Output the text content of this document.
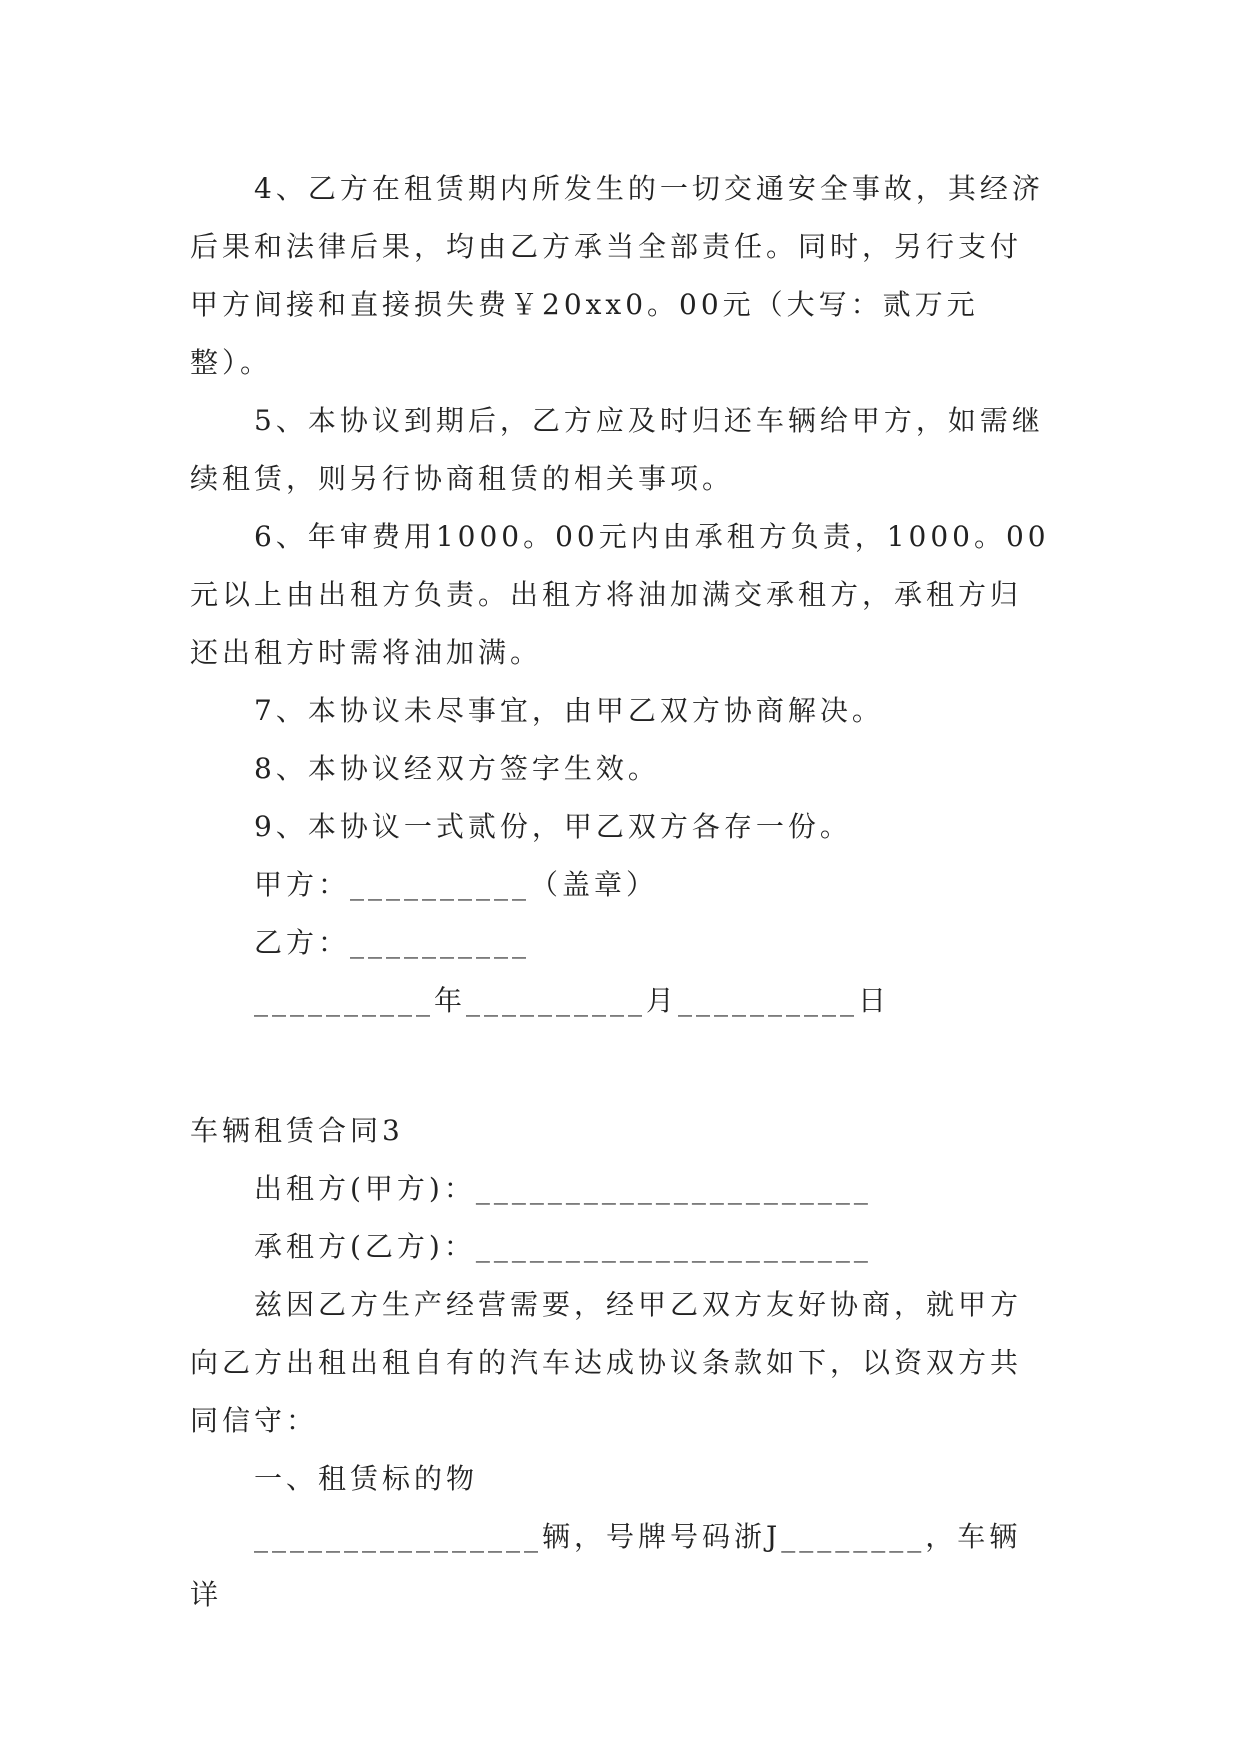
4、乙方在租赁期内所发生的一切交通安全事故，其经济后果和法律后果，均由乙方承当全部责任。同时，另行支付甲方间接和直接损失费￥20xx0。00元（大写：贰万元整）。

5、本协议到期后，乙方应及时归还车辆给甲方，如需继续租赁，则另行协商租赁的相关事项。

6、年审费用1000。00元内由承租方负责，1000。00元以上由出租方负责。出租方将油加满交承租方，承租方归还出租方时需将油加满。

7、本协议未尽事宜，由甲乙双方协商解决。

8、本协议经双方签字生效。

9、本协议一式贰份，甲乙双方各存一份。

甲方：__________（盖章）

乙方：__________

__________年__________月__________日

车辆租赁合同3

出租方(甲方)：______________________

承租方(乙方)：______________________

兹因乙方生产经营需要，经甲乙双方友好协商，就甲方向乙方出租出租自有的汽车达成协议条款如下，以资双方共同信守：

一、租赁标的物

________________辆，号牌号码浙J________，车辆详
